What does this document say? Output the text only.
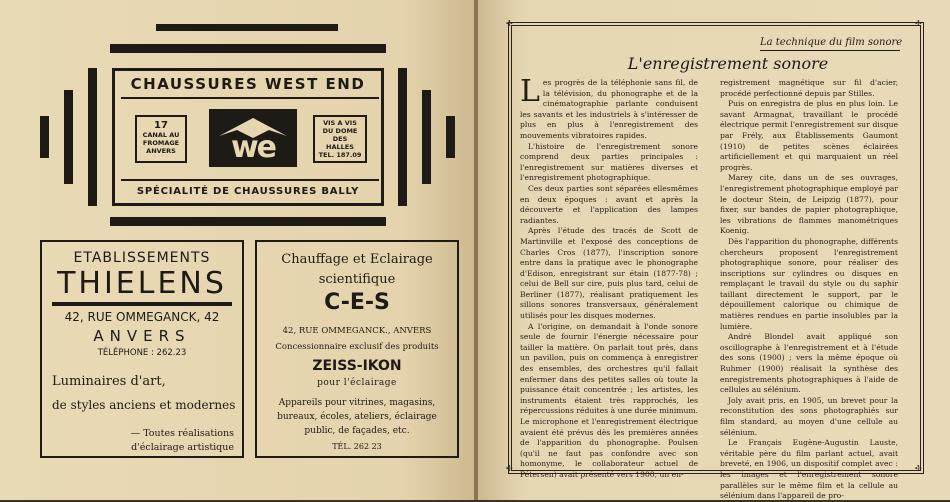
CHAUSSURES WEST END
17
CANAL AU
FROMAGE
ANVERS	we
VIS A VIS
DU DOME
DES
HALLES
TEL. 187.09
SPÉCIALITÉ DE CHAUSSURES BALLY
ETABLISSEMENTS
THIELENS
42, RUE OMMEGANCK, 42
ANVERS
TÉLÉPHONE : 262.23
Luminaires d'art,
de styles anciens et modernes
— Toutes réalisations
d'éclairage artistique
Chauffage et Eclairage
scientifique
C-E-S
42, RUE OMMEGANCK., ANVERS
Concessionnaire exclusif des produits
ZEISS-IKON
pour l'éclairage
Appareils pour vitrines, magasins,
bureaux, écoles, ateliers, éclairage
public, de façades, etc.
TÉL. 262 23
✣	✣
✣	✣
La technique du film sonore
L'enregistrement sonore

Les progrès de la téléphonie sans fil, de la télévision, du phonographe et de la cinématographie parlante conduisent les savants et les industriels à s'intéresser de plus en plus à l'enregistrement des mouvements vibratoires rapides.

L'histoire de l'enregistrement sonore comprend deux parties principales : l'enregistrement sur matières diverses et l'enregistrement photographique.

Ces deux parties sont séparées ellesmêmes en deux époques : avant et après la découverte et l'application des lampes radiantes.

Après l'étude des tracés de Scott de Martinville et l'exposé des conceptions de Charles Cros (1877), l'inscription sonore entre dans la pratique avec le phonographe d'Edison, enregistrant sur étain (1877-78) ; celui de Bell sur cire, puis plus tard, celui de Berliner (1877), réalisant pratiquement les sillons sonores transversaux, généralement utilisés pour les disques modernes.

A l'origine, on demandait à l'onde sonore seule de fournir l'énergie nécessaire pour tailler la matière. On parlait tout près, dans un pavillon, puis on commença à enregistrer des ensembles, des orchestres qu'il fallait enfermer dans des petites salles où toute la puissance était concentrée ; les artistes, les instruments étaient très rapprochés, les répercussions réduites à une durée minimum. Le microphone et l'enregistrement électrique avaient été prévus dès les premières années de l'apparition du phonographe. Poulsen (qu'il ne faut pas confondre avec son homonyme, le collaborateur actuel de Pétersen) avait présenté vers 1900, un en-

registrement magnétique sur fil d'acier, procédé perfectionné depuis par Stilles.

Puis on enregistra de plus en plus loin. Le savant Armagnat, travaillant le procédé électrique permit l'enregistrement sur disque par Frély, aux Établissements Gaumont (1910) de petites scènes éclairées artificiellement et qui marquaient un réel progrès.

Marey cite, dans un de ses ouvrages, l'enregistrement photographique employé par le docteur Stein, de Leipzig (1877), pour fixer, sur bandes de papier photographique, les vibrations de flammes manométriques Koenig.

Dès l'apparition du phonographe, différents chercheurs proposent l'enregistrement photographique sonore, pour réaliser des inscriptions sur cylindres ou disques en remplaçant le travail du style ou du saphir taillant directement le support, par le dépouillement calorique ou chimique de matières rendues en partie insolubles par la lumière.

André Blondel avait appliqué son oscillographe à l'enregistrement et à l'étude des sons (1900) ; vers la même époque où Ruhmer (1900) réalisait la synthèse des enregistrements photographiques à l'aide de cellules au sélénium.

Joly avait pris, en 1905, un brevet pour la reconstitution des sons photographiés sur film standard, au moyen d'une cellule au sélénium.

Le Français Eugène-Augustin Lauste, véritable père du film parlant actuel, avait breveté, en 1906, un dispositif complet avec : les images et l'enregistrement sonore parallèles sur le même film et la cellule au sélénium dans l'appareil de pro-
